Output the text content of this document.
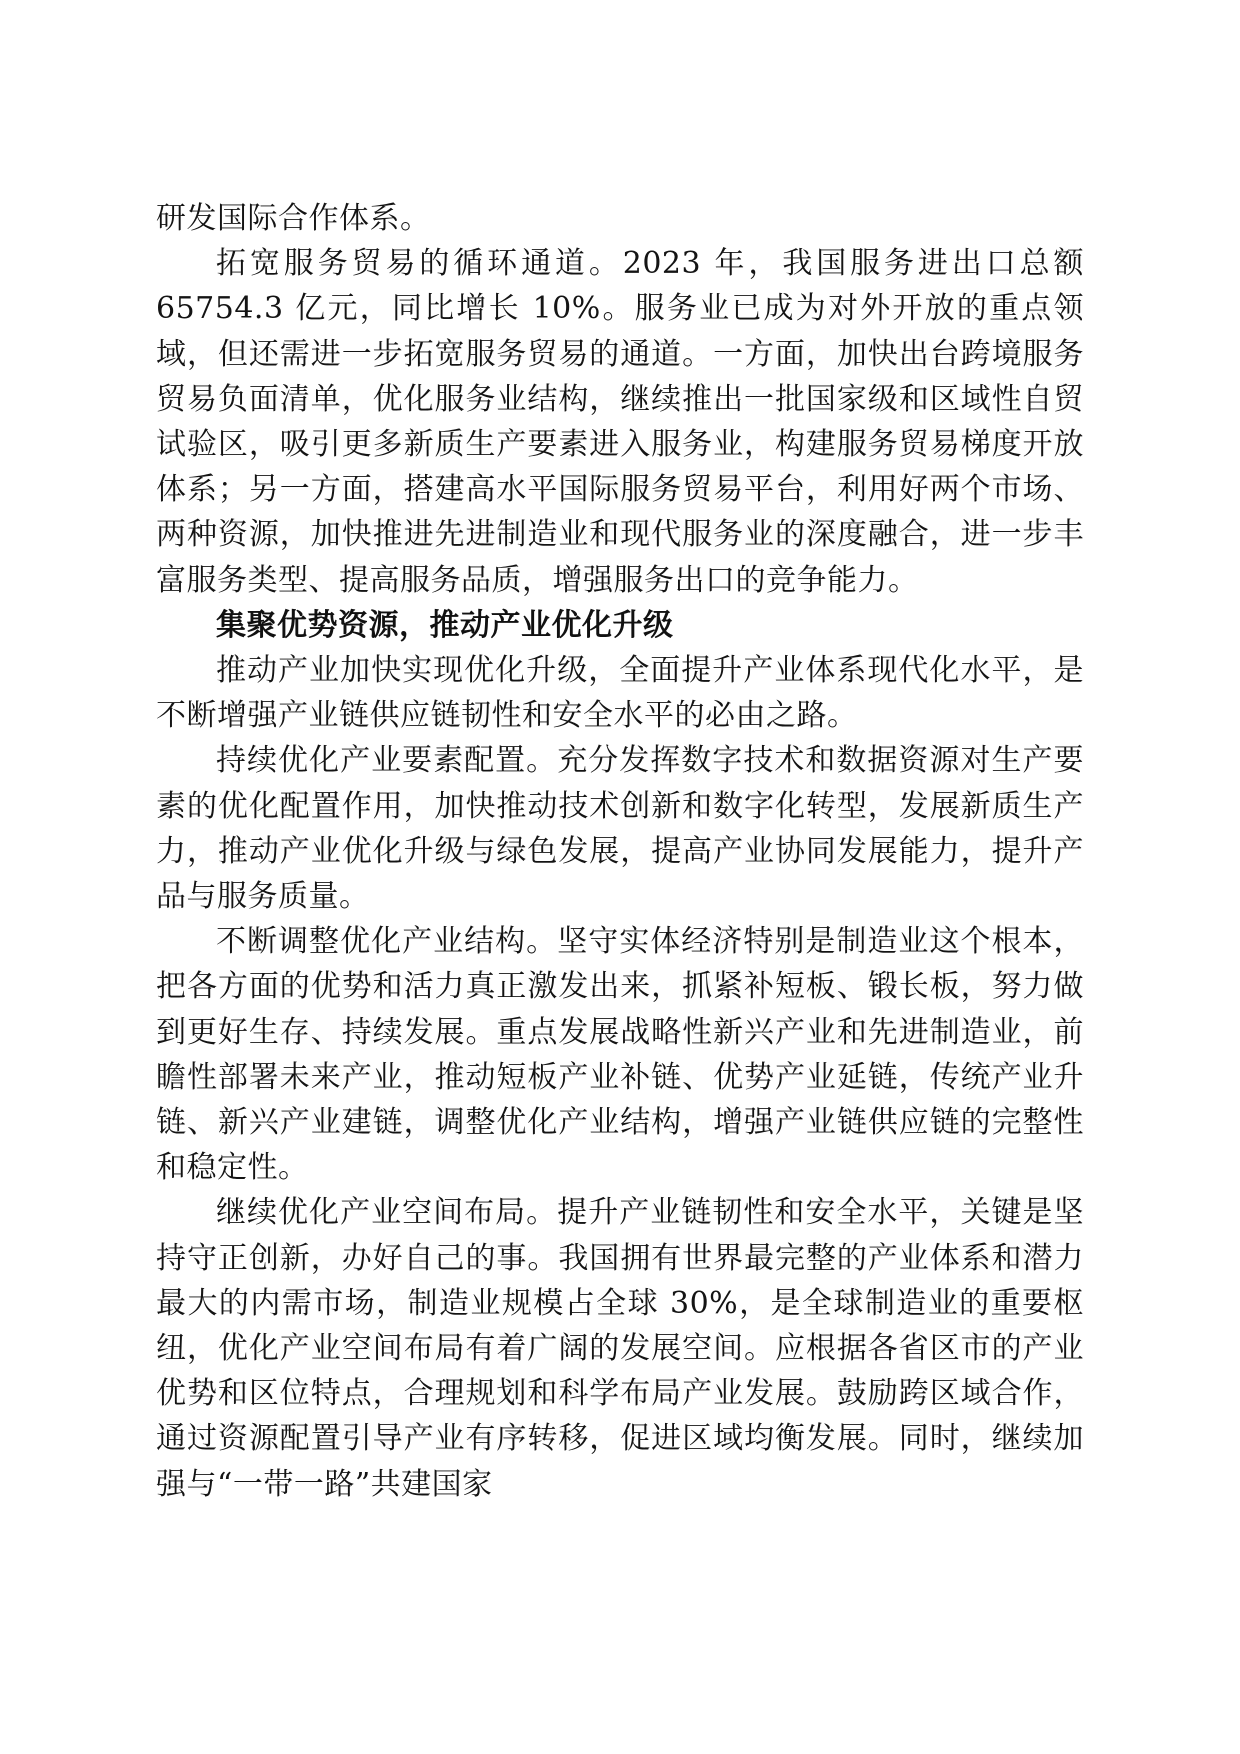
研发国际合作体系。

拓宽服务贸易的循环通道。2023 年，我国服务进出口总额 65754.3 亿元，同比增长 10%。服务业已成为对外开放的重点领域，但还需进一步拓宽服务贸易的通道。一方面，加快出台跨境服务贸易负面清单，优化服务业结构，继续推出一批国家级和区域性自贸试验区，吸引更多新质生产要素进入服务业，构建服务贸易梯度开放体系；另一方面，搭建高水平国际服务贸易平台，利用好两个市场、两种资源，加快推进先进制造业和现代服务业的深度融合，进一步丰富服务类型、提高服务品质，增强服务出口的竞争能力。

集聚优势资源，推动产业优化升级

推动产业加快实现优化升级，全面提升产业体系现代化水平，是不断增强产业链供应链韧性和安全水平的必由之路。

持续优化产业要素配置。充分发挥数字技术和数据资源对生产要素的优化配置作用，加快推动技术创新和数字化转型，发展新质生产力，推动产业优化升级与绿色发展，提高产业协同发展能力，提升产品与服务质量。

不断调整优化产业结构。坚守实体经济特别是制造业这个根本，把各方面的优势和活力真正激发出来，抓紧补短板、锻长板，努力做到更好生存、持续发展。重点发展战略性新兴产业和先进制造业，前瞻性部署未来产业，推动短板产业补链、优势产业延链，传统产业升链、新兴产业建链，调整优化产业结构，增强产业链供应链的完整性和稳定性。

继续优化产业空间布局。提升产业链韧性和安全水平，关键是坚持守正创新，办好自己的事。我国拥有世界最完整的产业体系和潜力最大的内需市场，制造业规模占全球 30%，是全球制造业的重要枢纽，优化产业空间布局有着广阔的发展空间。应根据各省区市的产业优势和区位特点，合理规划和科学布局产业发展。鼓励跨区域合作，通过资源配置引导产业有序转移，促进区域均衡发展。同时，继续加强与“一带一路”共建国家
